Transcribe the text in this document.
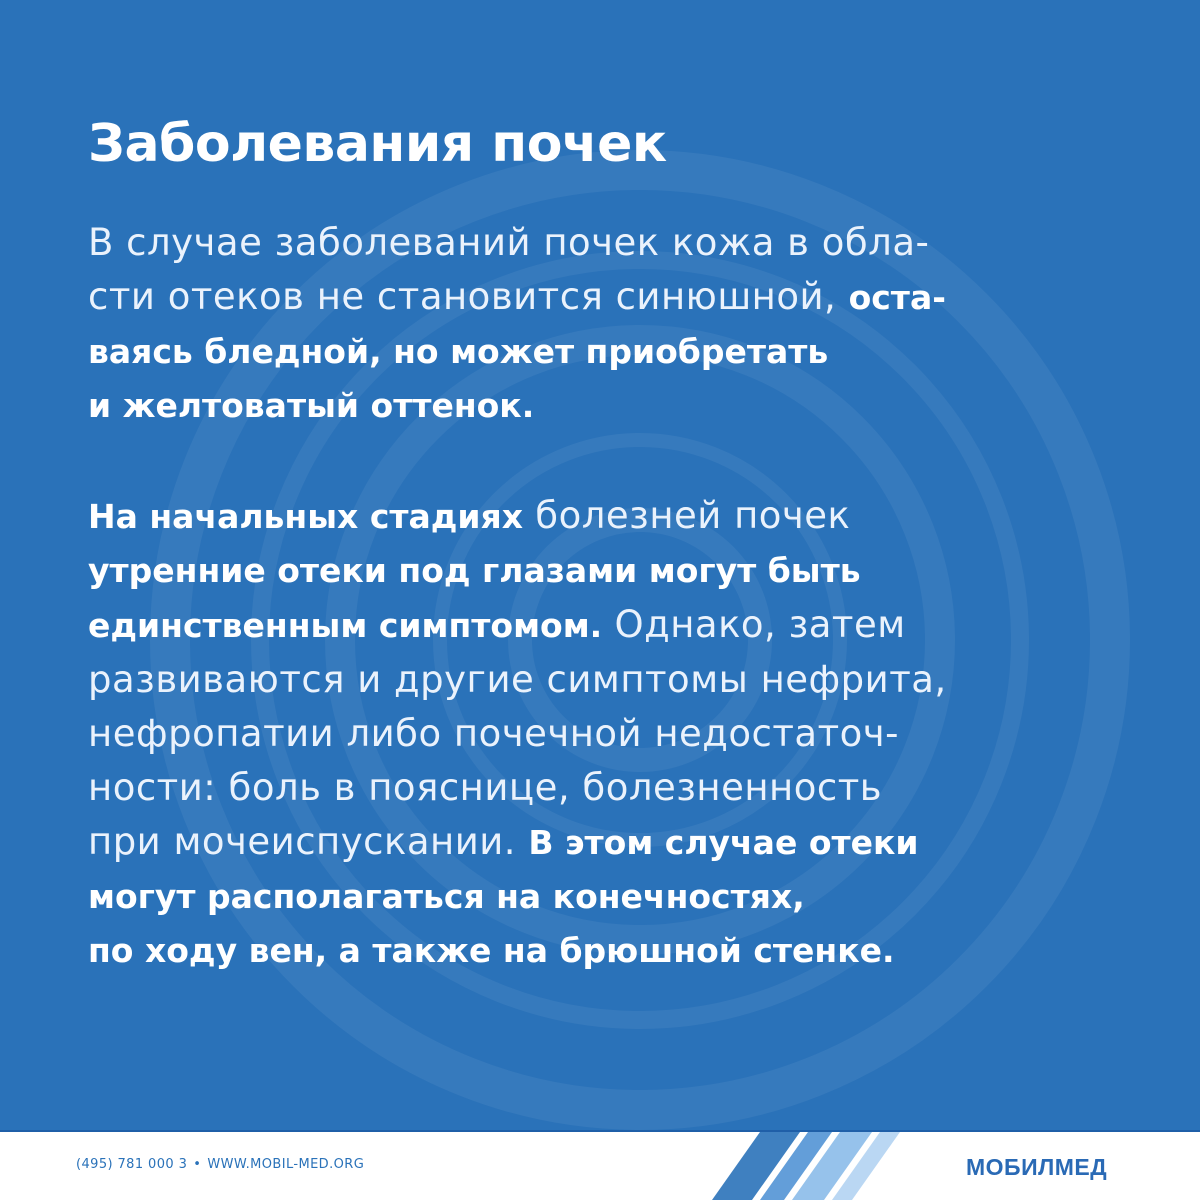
Заболевания почек

В случае заболеваний почек кожа в обла-
сти отеков не становится синюшной, оста-
ваясь бледной, но может приобретать
и желтоватый оттенок.

На начальных стадиях болезней почек
утренние отеки под глазами могут быть
единственным симптомом. Однако, затем
развиваются и другие симптомы нефрита,
нефропатии либо почечной недостаточ-
ности: боль в пояснице, болезненность
при мочеиспускании. В этом случае отеки
могут располагаться на конечностях,
по ходу вен, а также на брюшной стенке.

(495) 781 000 3 • WWW.MOBIL-MED.ORG	МОБИЛМЕД
